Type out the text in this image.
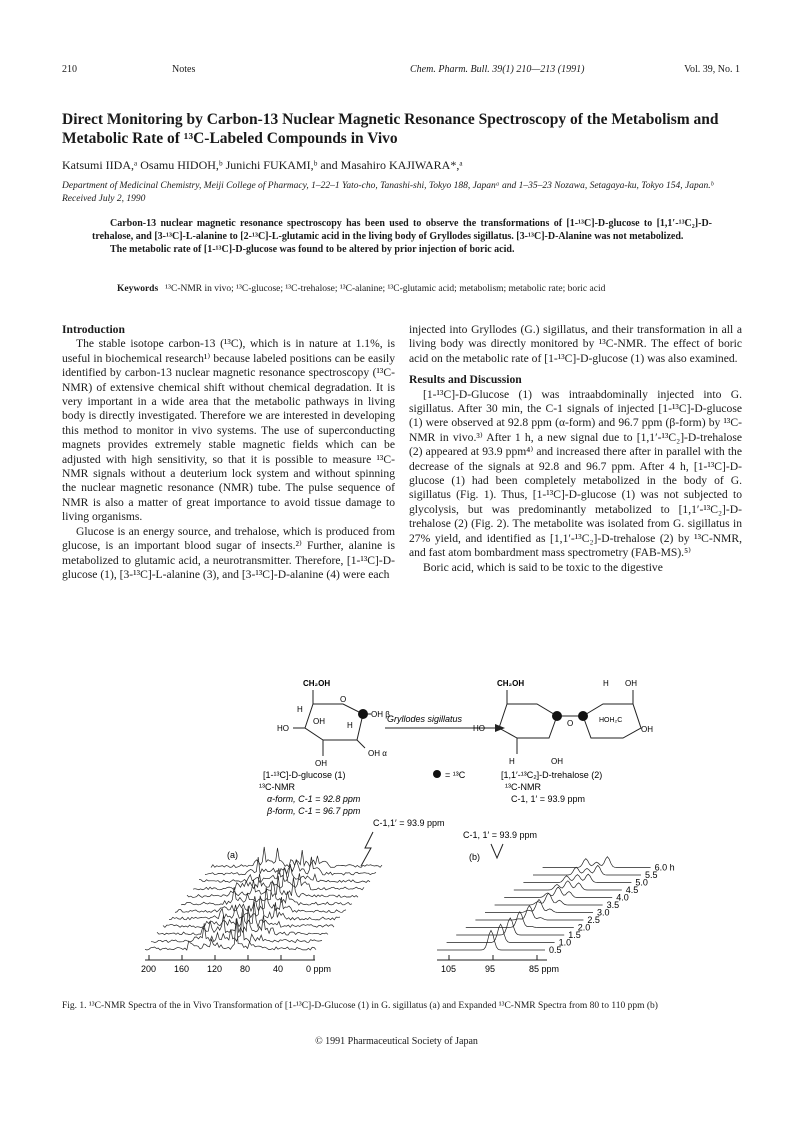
210	Notes	Chem. Pharm. Bull. 39(1) 210—213 (1991)	Vol. 39, No. 1
Direct Monitoring by Carbon-13 Nuclear Magnetic Resonance Spectroscopy of the Metabolism and
Metabolic Rate of ¹³C-Labeled Compounds in Vivo
Katsumi IIDA,ᵃ Osamu HIDOH,ᵇ Junichi FUKAMI,ᵇ and Masahiro KAJIWARA*,ᵃ
Department of Medicinal Chemistry, Meiji College of Pharmacy, 1–22–1 Yato-cho, Tanashi-shi, Tokyo 188, Japanᵃ and 1–35–23 Nozawa, Setagaya-ku, Tokyo 154, Japan.ᵇ Received July 2, 1990

Carbon-13 nuclear magnetic resonance spectroscopy has been used to observe the transformations of [1-¹³C]-D-glucose to [1,1′-¹³C₂]-D-trehalose, and [3-¹³C]-L-alanine to [2-¹³C]-L-glutamic acid in the living body of Gryllodes sigillatus. [3-¹³C]-D-Alanine was not metabolized.

The metabolic rate of [1-¹³C]-D-glucose was found to be altered by prior injection of boric acid.

Keywords ¹³C-NMR in vivo; ¹³C-glucose; ¹³C-trehalose; ¹³C-alanine; ¹³C-glutamic acid; metabolism; metabolic rate; boric acid
Introduction

The stable isotope carbon-13 (¹³C), which is in nature at 1.1%, is useful in biochemical research¹⁾ because labeled positions can be easily identified by carbon-13 nuclear magnetic resonance spectroscopy (¹³C-NMR) of extensive chemical shift without chemical degradation. It is very important in a wide area that the metabolic pathways in living body is directly investigated. Therefore we are interested in developing this method to monitor in vivo systems. The use of superconducting magnets provides extremely stable magnetic fields which can be adjusted with high sensitivity, so that it is possible to measure ¹³C-NMR signals without a deuterium lock system and without spinning the nuclear magnetic resonance (NMR) tube. The pulse sequence of NMR is also a matter of great importance to avoid tissue damage to living organisms.

Glucose is an energy source, and trehalose, which is produced from glucose, is an important blood sugar of insects.²⁾ Further, alanine is metabolized to glutamic acid, a neurotransmitter. Therefore, [1-¹³C]-D-glucose (1), [3-¹³C]-L-alanine (3), and [3-¹³C]-D-alanine (4) were each

injected into Gryllodes (G.) sigillatus, and their transformation in all a living body was directly monitored by ¹³C-NMR. The effect of boric acid on the metabolic rate of [1-¹³C]-D-glucose (1) was also examined.

Results and Discussion

[1-¹³C]-D-Glucose (1) was intraabdominally injected into G. sigillatus. After 30 min, the C-1 signals of injected [1-¹³C]-D-glucose (1) were observed at 92.8 ppm (α-form) and 96.7 ppm (β-form) by ¹³C-NMR in vivo.³⁾ After 1 h, a new signal due to [1,1′-¹³C₂]-D-trehalose (2) appeared at 93.9 ppm⁴⁾ and increased there after in parallel with the decrease of the signals at 92.8 and 96.7 ppm. After 4 h, [1-¹³C]-D-glucose (1) had been completely metabolized in the body of G. sigillatus (Fig. 1). Thus, [1-¹³C]-D-glucose (1) was not subjected to glycolysis, but was predominantly metabolized to [1,1′-¹³C₂]-D-trehalose (2) (Fig. 2). The metabolite was isolated from G. sigillatus in 27% yield, and identified as [1,1′-¹³C₂]-D-trehalose (2) by ¹³C-NMR, and fast atom bombardment mass spectrometry (FAB-MS).⁵⁾

Boric acid, which is said to be toxic to the digestive

CH₂OH
O
OH β
OH α
OH
HO
H
OH	H
Gryllodes sigillatus
CH₂OH	H OH
O	HOH₂C
HO
H	OH
OH
[1-¹³C]-D-glucose (1)
¹³C-NMR
α-form, C-1 = 92.8 ppm
β-form, C-1 = 96.7 ppm
= ¹³C	[1,1′-¹³C₂]-D-trehalose (2)
¹³C-NMR
C-1, 1′ = 93.9 ppm
C-1,1′ = 93.9 ppm
C-1, 1′ = 93.9 ppm
(a)	(b)
6.0 h
5.5
5.0
4.5
4.0
3.5
3.0
2.5
2.0
1.5
1.0
0.5
200 160 120 80	40	0 ppm	105	95	85 ppm
Fig. 1. ¹³C-NMR Spectra of the in Vivo Transformation of [1-¹³C]-D-Glucose (1) in G. sigillatus (a) and Expanded ¹³C-NMR Spectra from 80 to 110 ppm (b)
© 1991 Pharmaceutical Society of Japan
